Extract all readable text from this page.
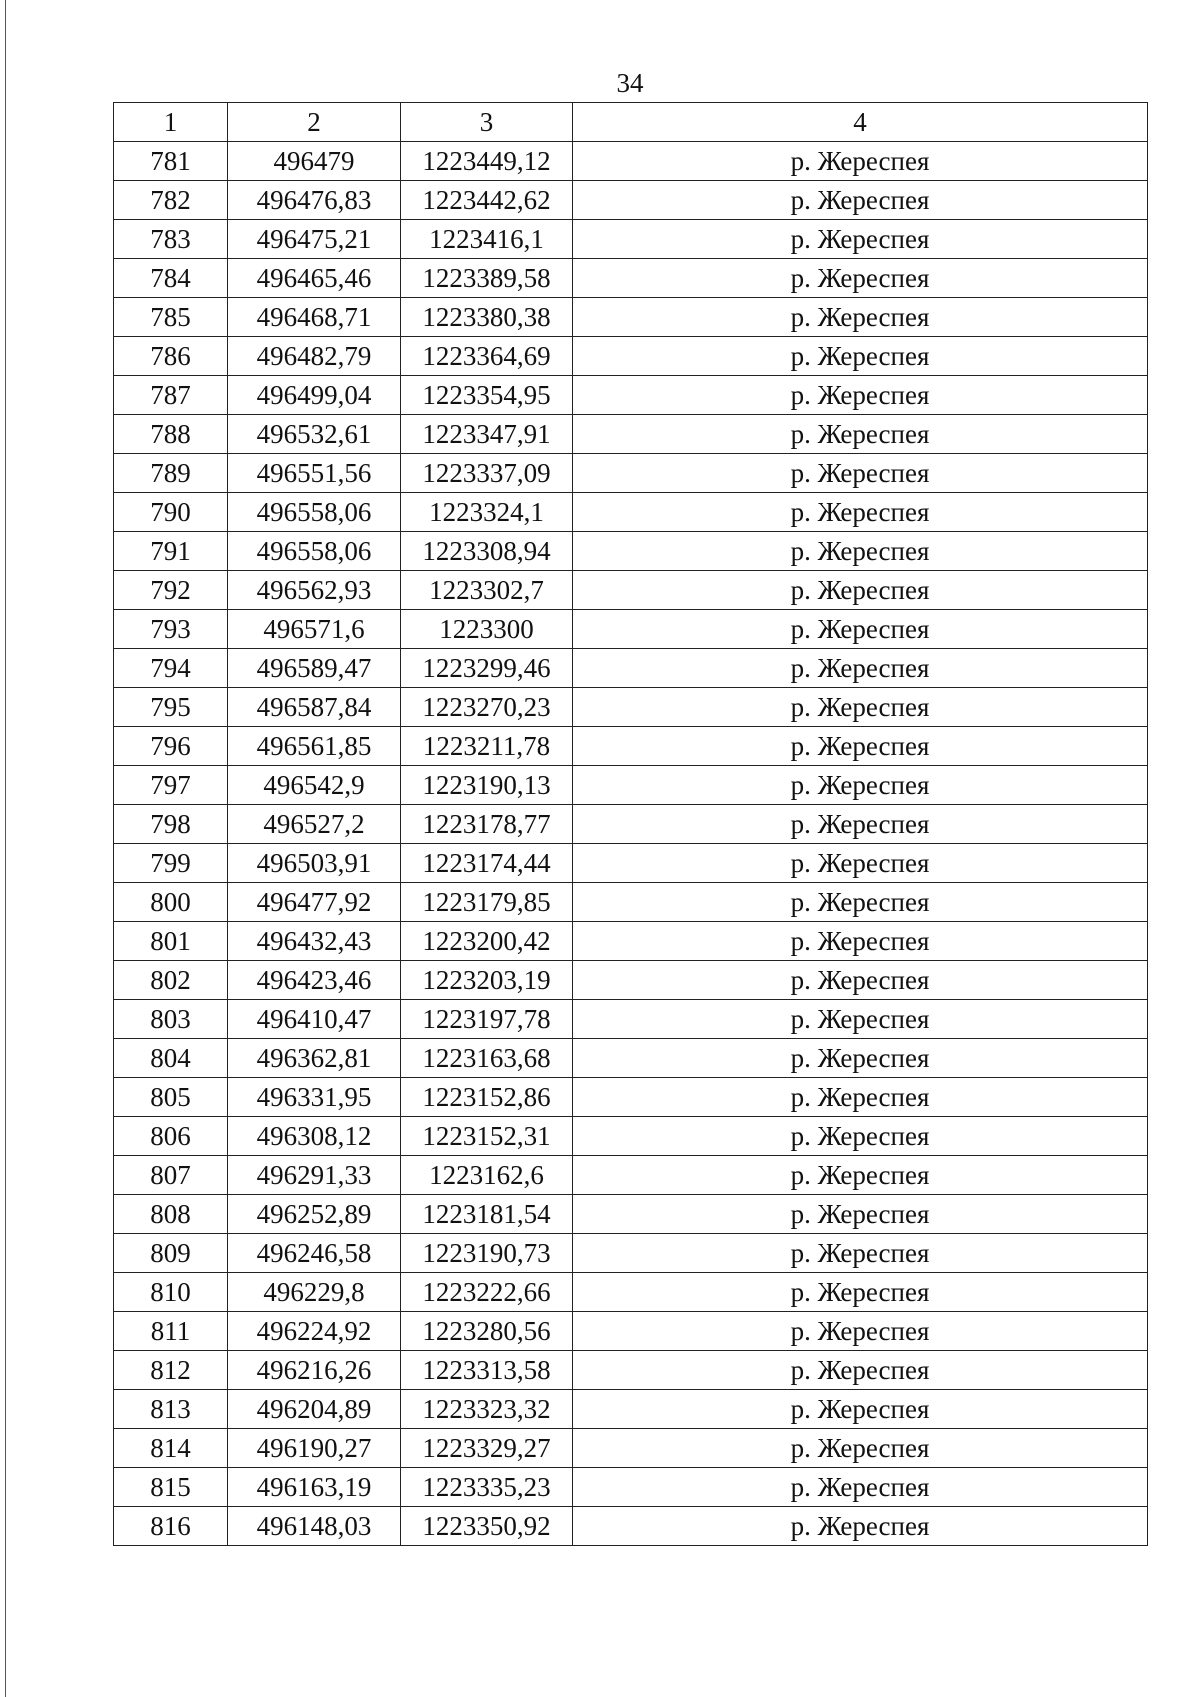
34
1	2	3	4
781	496479	1223449,12	р. Жереспея
782	496476,83	1223442,62	р. Жереспея
783	496475,21	1223416,1	р. Жереспея
784	496465,46	1223389,58	р. Жереспея
785	496468,71	1223380,38	р. Жереспея
786	496482,79	1223364,69	р. Жереспея
787	496499,04	1223354,95	р. Жереспея
788	496532,61	1223347,91	р. Жереспея
789	496551,56	1223337,09	р. Жереспея
790	496558,06	1223324,1	р. Жереспея
791	496558,06	1223308,94	р. Жереспея
792	496562,93	1223302,7	р. Жереспея
793	496571,6	1223300	р. Жереспея
794	496589,47	1223299,46	р. Жереспея
795	496587,84	1223270,23	р. Жереспея
796	496561,85	1223211,78	р. Жереспея
797	496542,9	1223190,13	р. Жереспея
798	496527,2	1223178,77	р. Жереспея
799	496503,91	1223174,44	р. Жереспея
800	496477,92	1223179,85	р. Жереспея
801	496432,43	1223200,42	р. Жереспея
802	496423,46	1223203,19	р. Жереспея
803	496410,47	1223197,78	р. Жереспея
804	496362,81	1223163,68	р. Жереспея
805	496331,95	1223152,86	р. Жереспея
806	496308,12	1223152,31	р. Жереспея
807	496291,33	1223162,6	р. Жереспея
808	496252,89	1223181,54	р. Жереспея
809	496246,58	1223190,73	р. Жереспея
810	496229,8	1223222,66	р. Жереспея
811	496224,92	1223280,56	р. Жереспея
812	496216,26	1223313,58	р. Жереспея
813	496204,89	1223323,32	р. Жереспея
814	496190,27	1223329,27	р. Жереспея
815	496163,19	1223335,23	р. Жереспея
816	496148,03	1223350,92	р. Жереспея
